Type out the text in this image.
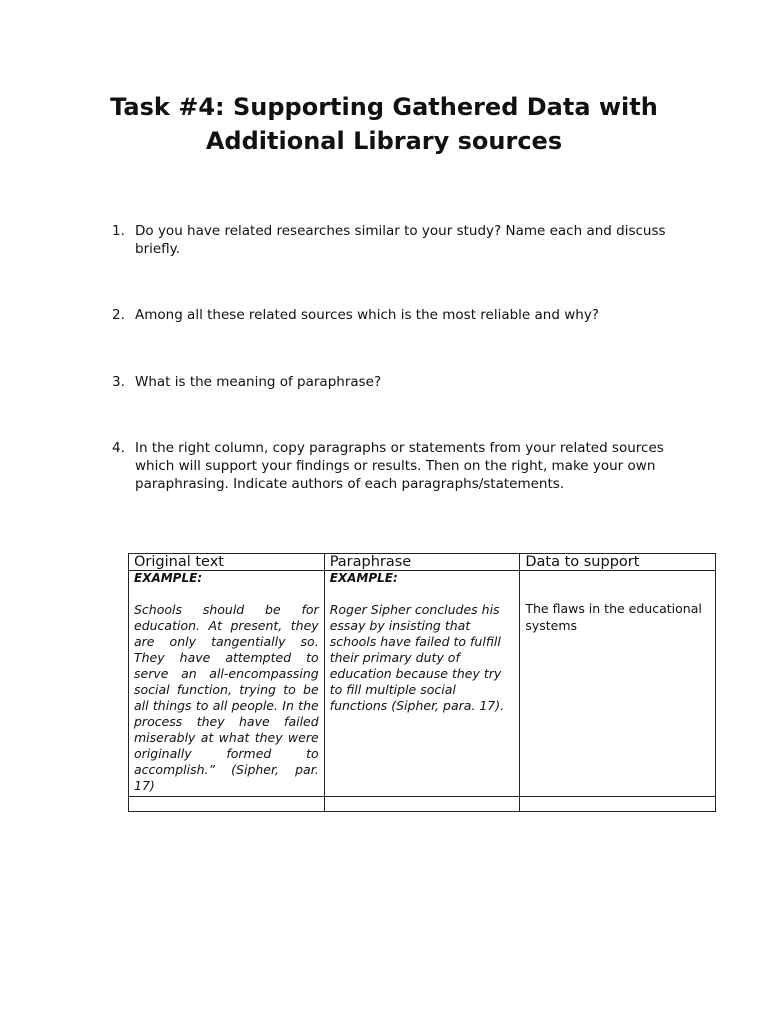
Task #4: Supporting Gathered Data with
Additional Library sources
1. Do you have related researches similar to your study? Name each and discuss briefly.
2. Among all these related sources which is the most reliable and why?
3. What is the meaning of paraphrase?
4. In the right column, copy paragraphs or statements from your related sources which will support your findings or results. Then on the right, make your own paraphrasing. Indicate authors of each paragraphs/statements.
Original text	Paraphrase	Data to support

EXAMPLE:
Schools should be for education. At present, they are only tangentially so. They have attempted to serve an all-encompassing social function, trying to be all things to all people. In the process they have failed miserably at what they were originally formed to accomplish.” (Sipher, par. 17)	EXAMPLE:
Roger Sipher concludes his essay by insisting that schools have failed to fulfill their primary duty of education because they try to fill multiple social functions (Sipher, para. 17).	The flaws in the educational systems
